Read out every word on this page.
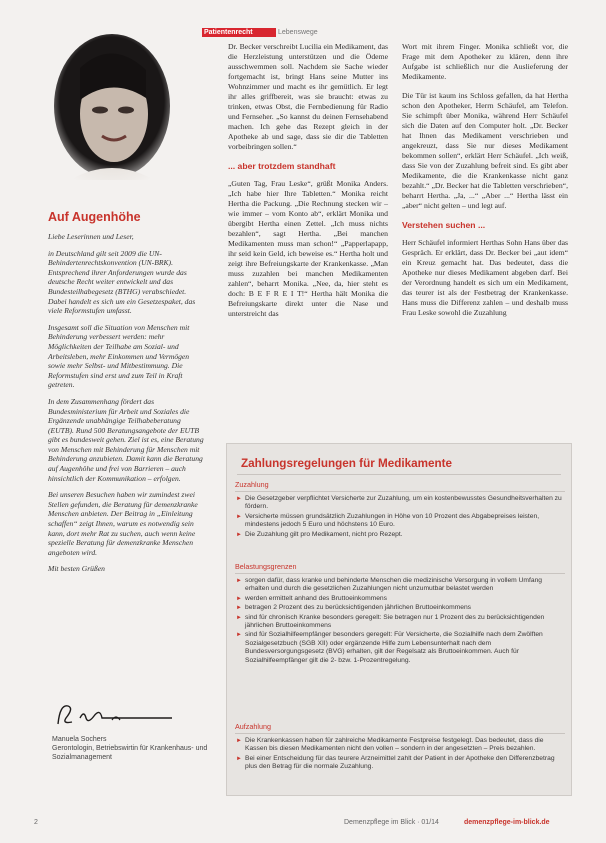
Patientenrecht	Lebenswege
Auf Augenhöhe

Liebe Leserinnen und Leser,

in Deutschland gilt seit 2009 die UN-Behindertenrechtskonvention (UN-BRK). Entsprechend ihrer Anforderungen wurde das deutsche Recht weiter entwickelt und das Bundesteilhabegesetz (BTHG) verabschiedet. Dabei handelt es sich um ein Gesetzespaket, das viele Reformstufen umfasst.

Insgesamt soll die Situation von Menschen mit Behinderung verbessert werden: mehr Möglichkeiten der Teilhabe am Sozial- und Arbeitsleben, mehr Einkommen und Vermögen sowie mehr Selbst- und Mitbestimmung. Die Reformstufen sind erst und zum Teil in Kraft getreten.

In dem Zusammenhang fördert das Bundesministerium für Arbeit und Soziales die Ergänzende unabhängige Teilhabeberatung (EUTB). Rund 500 Beratungsangebote der EUTB gibt es bundesweit gehen. Ziel ist es, eine Beratung von Menschen mit Behinderung für Menschen mit Behinderung anzubieten. Damit kann die Beratung auf Augenhöhe und frei von Barrieren – auch hinsichtlich der Kommunikation – erfolgen.

Bei unseren Besuchen haben wir zumindest zwei Stellen gefunden, die Beratung für demenzkranke Menschen anbieten. Der Beitrag in „Einleitung schaffen“ zeigt Ihnen, warum es notwendig sein kann, dort mehr Rat zu suchen, auch wenn keine spezielle Beratung für demenzkranke Menschen angeboten wird.

Mit besten Grüßen

Manuela Sochers
Gerontologin, Betriebswirtin für Krankenhaus- und Sozialmanagement

Dr. Becker verschreibt Lucilia ein Medikament, das die Herzleistung unterstützen und die Ödeme ausschwemmen soll. Nachdem sie Sache wieder fortgemacht ist, bringt Hans seine Mutter ins Wohnzimmer und macht es ihr gemütlich. Er legt ihr alles griffbereit, was sie braucht: etwas zu trinken, etwas Obst, die Fernbedienung für Radio und Fernseher. „So kannst du deinen Fernsehabend machen. Ich gehe das Rezept gleich in der Apotheke ab und sage, dass sie dir die Tabletten vorbeibringen sollen.“

... aber trotzdem standhaft

„Guten Tag, Frau Leske“, grüßt Monika Anders. „Ich habe hier Ihre Tabletten.“ Monika reicht Hertha die Packung. „Die Rechnung stecken wir – wie immer – vom Konto ab“, erklärt Monika und übergibt Hertha einen Zettel. „Ich muss nichts bezahlen“, sagt Hertha. „Bei manchen Medikamenten muss man schon!“ „Papperlapapp, ihr seid kein Geld, ich beweise es.“ Hertha holt und zeigt ihre Befreiungskarte der Krankenkasse. „Man muss zuzahlen bei manchen Medikamenten zahlen“, beharrt Monika. „Nee, da, hier steht es doch: B E F R E I T!“ Hertha hält Monika die Befreiungskarte direkt unter die Nase und unterstreicht das

Wort mit ihrem Finger. Monika schließt vor, die Frage mit dem Apotheker zu klären, denn ihre Aufgabe ist schließlich nur die Auslieferung der Medikamente.

Die Tür ist kaum ins Schloss gefallen, da hat Hertha schon den Apotheker, Herrn Schäufel, am Telefon. Sie schimpft über Monika, während Herr Schäufel sich die Daten auf den Computer holt. „Dr. Becker hat Ihnen das Medikament verschrieben und angekreuzt, dass Sie nur dieses Medikament bekommen sollen“, erklärt Herr Schäufel. „Ich weiß, dass Sie von der Zuzahlung befreit sind. Es gibt aber Medikamente, die die Krankenkasse nicht ganz bezahlt.“ „Dr. Becker hat die Tabletten verschrieben“, beharrt Hertha. „Ja, ...“ „Aber ...“ Hertha lässt ein „aber“ nicht gelten – und legt auf.

Verstehen suchen ...

Herr Schäufel informiert Herthas Sohn Hans über das Gespräch. Er erklärt, dass Dr. Becker bei „aut idem“ ein Kreuz gemacht hat. Das bedeutet, dass die Apotheke nur dieses Medikament abgeben darf. Bei der Verordnung handelt es sich um ein Medikament, das teurer ist als der Festbetrag der Krankenkasse. Hans muss die Differenz zahlen – und deshalb muss Frau Leske sowohl die Zuzahlung

Zahlungsregelungen für Medikamente
Zuzahlung
► Die Gesetzgeber verpflichtet Versicherte zur Zuzahlung, um ein kostenbewusstes Gesundheitsverhalten zu fördern.
► Versicherte müssen grundsätzlich Zuzahlungen in Höhe von 10 Prozent des Abgabepreises leisten, mindestens jedoch 5 Euro und höchstens 10 Euro.
► Die Zuzahlung gilt pro Medikament, nicht pro Rezept.
Belastungsgrenzen
► sorgen dafür, dass kranke und behinderte Menschen die medizinische Versorgung in vollem Umfang erhalten und durch die gesetzlichen Zuzahlungen nicht unzumutbar belastet werden
► werden ermittelt anhand des Bruttoeinkommens
► betragen 2 Prozent des zu berücksichtigenden jährlichen Bruttoeinkommens
► sind für chronisch Kranke besonders geregelt: Sie betragen nur 1 Prozent des zu berücksichtigenden jährlichen Bruttoeinkommens
► sind für Sozialhilfeempfänger besonders geregelt: Für Versicherte, die Sozialhilfe nach dem Zwölften Sozialgesetzbuch (SGB XII) oder ergänzende Hilfe zum Lebensunterhalt nach dem Bundesversorgungsgesetz (BVG) erhalten, gilt der Regelsatz als Bruttoeinkommen. Auch für Sozialhilfeempfänger gilt die 2- bzw. 1-Prozentregelung.
Aufzahlung
► Die Krankenkassen haben für zahlreiche Medikamente Festpreise festgelegt. Das bedeutet, dass die Kassen bis diesen Medikamenten nicht den vollen – sondern in der angesetzten – Preis bezahlen.
► Bei einer Entscheidung für das teurere Arzneimittel zahlt der Patient in der Apotheke den Differenzbetrag plus den Betrag für die normale Zuzahlung.
2	Demenzpflege im Blick · 01/14	demenzpflege-im-blick.de
